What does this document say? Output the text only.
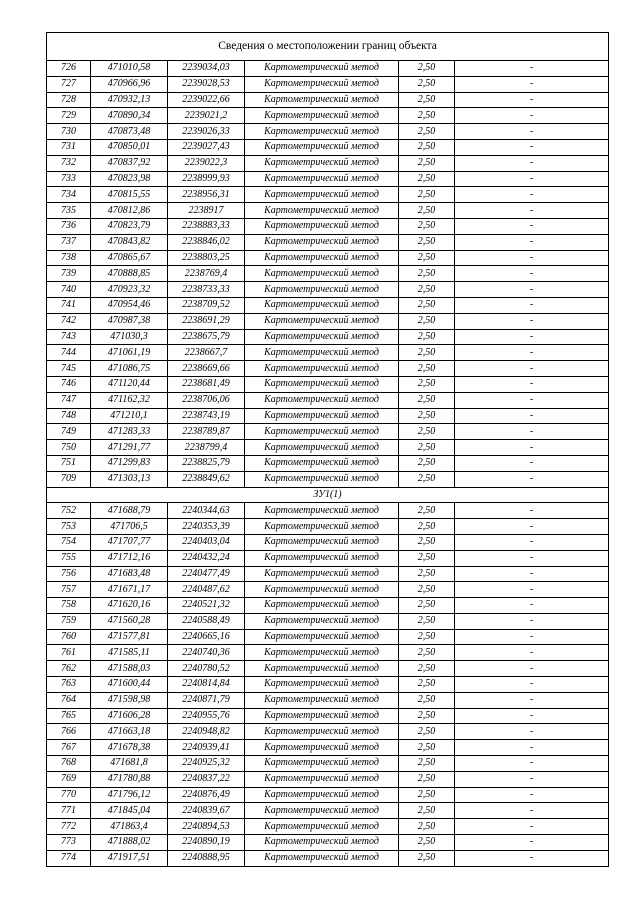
Сведения о местоположении границ объекта					
726	471010,58	2239034,03	Картометрический метод	2,50	-
727	470966,96	2239028,53	Картометрический метод	2,50	-
728	470932,13	2239022,66	Картометрический метод	2,50	-
729	470890,34	2239021,2	Картометрический метод	2,50	-
730	470873,48	2239026,33	Картометрический метод	2,50	-
731	470850,01	2239027,43	Картометрический метод	2,50	-
732	470837,92	2239022,3	Картометрический метод	2,50	-
733	470823,98	2238999,93	Картометрический метод	2,50	-
734	470815,55	2238956,31	Картометрический метод	2,50	-
735	470812,86	2238917	Картометрический метод	2,50	-
736	470823,79	2238883,33	Картометрический метод	2,50	-
737	470843,82	2238846,02	Картометрический метод	2,50	-
738	470865,67	2238803,25	Картометрический метод	2,50	-
739	470888,85	2238769,4	Картометрический метод	2,50	-
740	470923,32	2238733,33	Картометрический метод	2,50	-
741	470954,46	2238709,52	Картометрический метод	2,50	-
742	470987,38	2238691,29	Картометрический метод	2,50	-
743	471030,3	2238675,79	Картометрический метод	2,50	-
744	471061,19	2238667,7	Картометрический метод	2,50	-
745	471086,75	2238669,66	Картометрический метод	2,50	-
746	471120,44	2238681,49	Картометрический метод	2,50	-
747	471162,32	2238706,06	Картометрический метод	2,50	-
748	471210,1	2238743,19	Картометрический метод	2,50	-
749	471283,33	2238789,87	Картометрический метод	2,50	-
750	471291,77	2238799,4	Картометрический метод	2,50	-
751	471299,83	2238825,79	Картометрический метод	2,50	-
709	471303,13	2238849,62	Картометрический метод	2,50	-
ЗУ1(1)					
752	471688,79	2240344,63	Картометрический метод	2,50	-
753	471706,5	2240353,39	Картометрический метод	2,50	-
754	471707,77	2240403,04	Картометрический метод	2,50	-
755	471712,16	2240432,24	Картометрический метод	2,50	-
756	471683,48	2240477,49	Картометрический метод	2,50	-
757	471671,17	2240487,62	Картометрический метод	2,50	-
758	471620,16	2240521,32	Картометрический метод	2,50	-
759	471560,28	2240588,49	Картометрический метод	2,50	-
760	471577,81	2240665,16	Картометрический метод	2,50	-
761	471585,11	2240740,36	Картометрический метод	2,50	-
762	471588,03	2240780,52	Картометрический метод	2,50	-
763	471600,44	2240814,84	Картометрический метод	2,50	-
764	471598,98	2240871,79	Картометрический метод	2,50	-
765	471606,28	2240955,76	Картометрический метод	2,50	-
766	471663,18	2240948,82	Картометрический метод	2,50	-
767	471678,38	2240939,41	Картометрический метод	2,50	-
768	471681,8	2240925,32	Картометрический метод	2,50	-
769	471780,88	2240837,22	Картометрический метод	2,50	-
770	471796,12	2240876,49	Картометрический метод	2,50	-
771	471845,04	2240839,67	Картометрический метод	2,50	-
772	471863,4	2240894,53	Картометрический метод	2,50	-
773	471888,02	2240890,19	Картометрический метод	2,50	-
774	471917,51	2240888,95	Картометрический метод	2,50	-
